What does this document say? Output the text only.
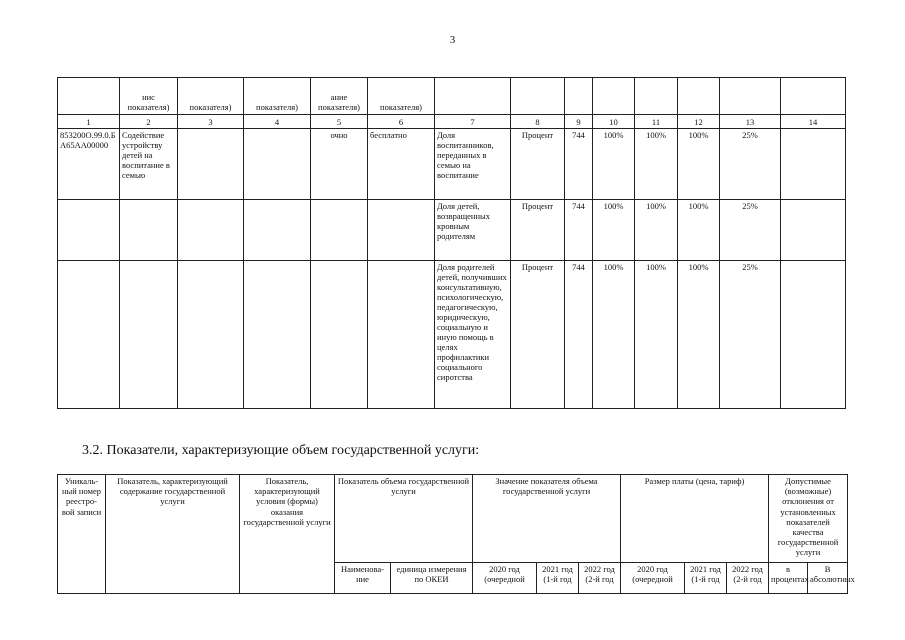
3
	нис показателя)	показателя)	показателя)	ание показателя)	показателя)								
1	2	3	4	5	6	7	8	9	10	11	12	13	14
853200О.99.0.БА65АА00000	Содействие устройству детей на воспитание в семью			очно	бесплатно	Доля воспитанников, переданных в семью на воспитание	Процент	744	100%	100%	100%	25%	
						Доля детей, возвращенных кровным родителям	Процент	744	100%	100%	100%	25%	
						Доля родителей детей, получивших консультативную, психологическую, педагогическую, юридическую, социальную и иную помощь в целях профилактики социального сиротства	Процент	744	100%	100%	100%	25%	
3.2. Показатели, характеризующие объем государственной услуги:
Уникаль-ный номер реестро-вой записи	Показатель, характеризующий содержание государственной услуги	Показатель, характеризующий условия (формы) оказания государственной услуги	Показатель объема государственной услуги		Значение показателя объема государственной услуги			Размер платы (цена, тариф)			Допустимые (возможные) отклонения от установленных показателей качества государственной услуги	
			Наименова-ние	единица измерения по ОКЕИ	2020 год (очередной	2021 год (1-й год	2022 год (2-й год	2020 год (очередной	2021 год (1-й год	2022 год (2-й год	в процентах	В абсолютных
